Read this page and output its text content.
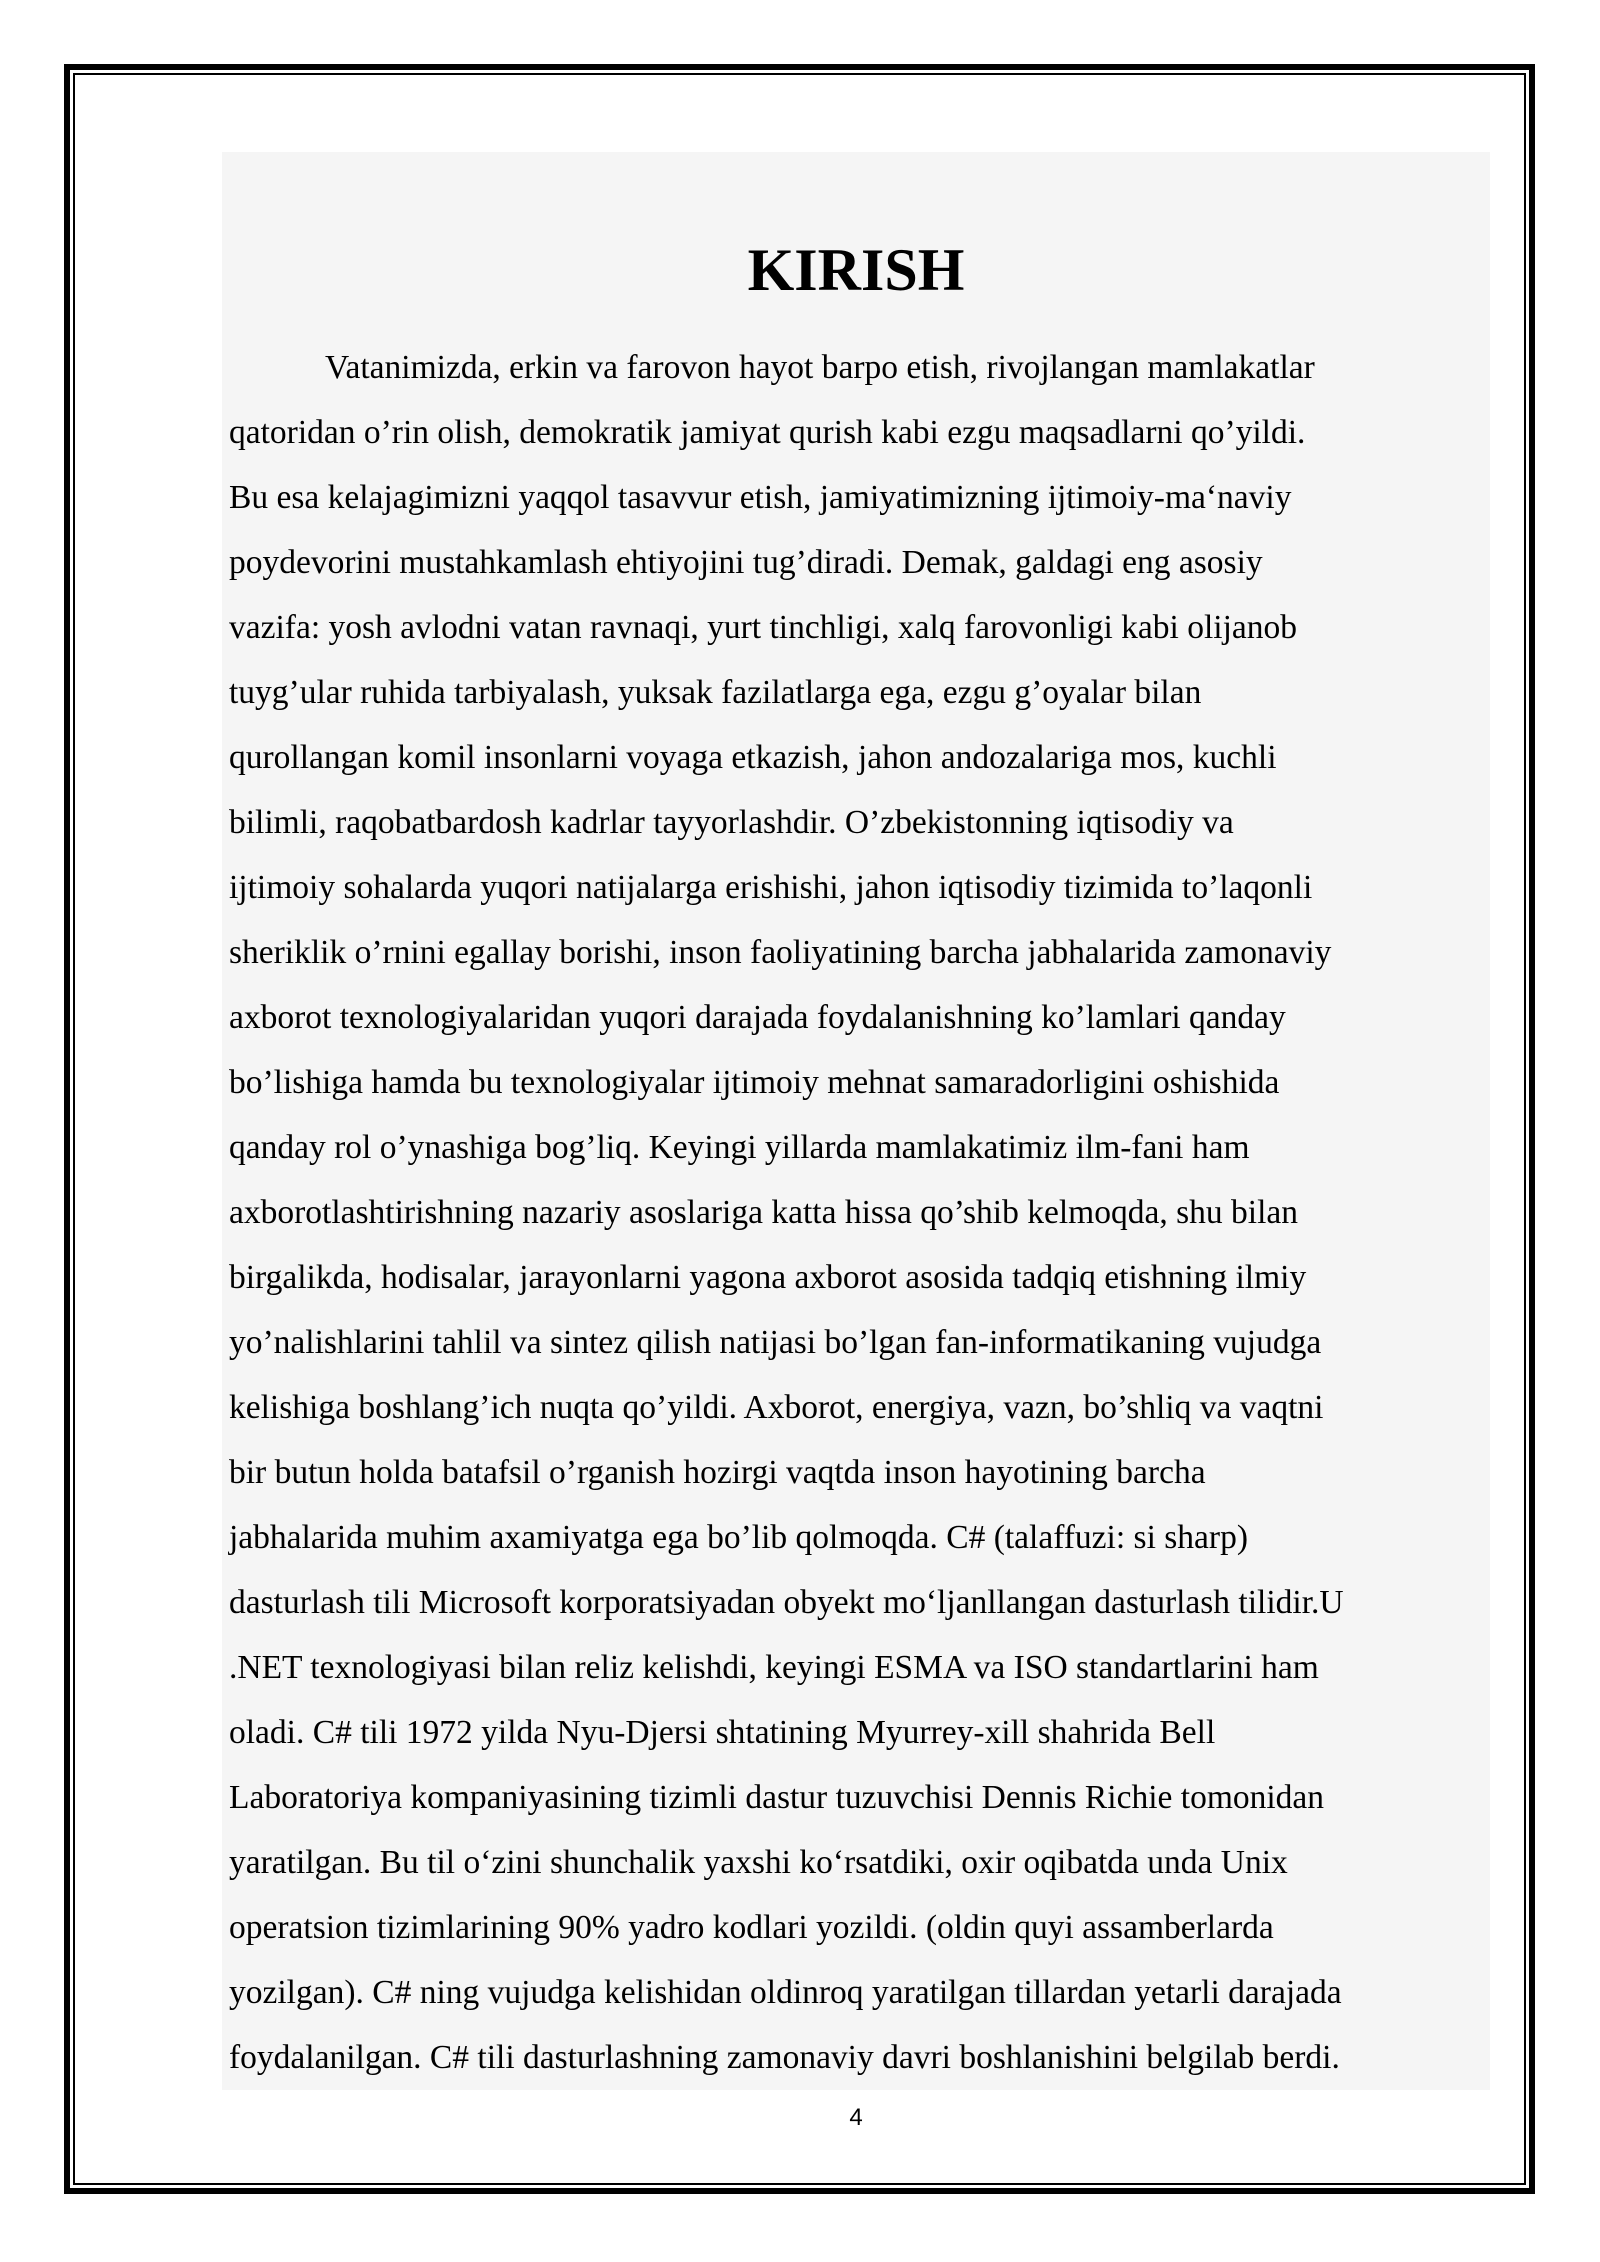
KIRISH
Vatanimizda, erkin va farovon hayot barpo etish, rivojlangan mamlakatlar
qatoridan o’rin olish, demokratik jamiyat qurish kabi ezgu maqsadlarni qo’yildi.
Bu esa kelajagimizni yaqqol tasavvur etish, jamiyatimizning ijtimoiy-ma‘naviy
poydevorini mustahkamlash ehtiyojini tug’diradi. Demak, galdagi eng asosiy
vazifa: yosh avlodni vatan ravnaqi, yurt tinchligi, xalq farovonligi kabi olijanob
tuyg’ular ruhida tarbiyalash, yuksak fazilatlarga ega, ezgu g’oyalar bilan
qurollangan komil insonlarni voyaga etkazish, jahon andozalariga mos, kuchli
bilimli, raqobatbardosh kadrlar tayyorlashdir. O’zbekistonning iqtisodiy va
ijtimoiy sohalarda yuqori natijalarga erishishi, jahon iqtisodiy tizimida to’laqonli
sheriklik o’rnini egallay borishi, inson faoliyatining barcha jabhalarida zamonaviy
axborot texnologiyalaridan yuqori darajada foydalanishning ko’lamlari qanday
bo’lishiga hamda bu texnologiyalar ijtimoiy mehnat samaradorligini oshishida
qanday rol o’ynashiga bog’liq. Keyingi yillarda mamlakatimiz ilm-fani ham
axborotlashtirishning nazariy asoslariga katta hissa qo’shib kelmoqda, shu bilan
birgalikda, hodisalar, jarayonlarni yagona axborot asosida tadqiq etishning ilmiy
yo’nalishlarini tahlil va sintez qilish natijasi bo’lgan fan-informatikaning vujudga
kelishiga boshlang’ich nuqta qo’yildi. Axborot, energiya, vazn, bo’shliq va vaqtni
bir butun holda batafsil o’rganish hozirgi vaqtda inson hayotining barcha
jabhalarida muhim axamiyatga ega bo’lib qolmoqda. C# (talaffuzi: si sharp)
dasturlash tili Microsoft korporatsiyadan obyekt mo‘ljanllangan dasturlash tilidir.U
.NET texnologiyasi bilan reliz kelishdi, keyingi ESMA va ISO standartlarini ham
oladi. C# tili 1972 yilda Nyu-Djersi shtatining Myurrey-xill shahrida Bell
Laboratoriya kompaniyasining tizimli dastur tuzuvchisi Dennis Richie tomonidan
yaratilgan. Bu til o‘zini shunchalik yaxshi ko‘rsatdiki, oxir oqibatda unda Unix
operatsion tizimlarining 90% yadro kodlari yozildi. (oldin quyi assamberlarda
yozilgan). C# ning vujudga kelishidan oldinroq yaratilgan tillardan yetarli darajada
foydalanilgan. C# tili dasturlashning zamonaviy davri boshlanishini belgilab berdi.
4
